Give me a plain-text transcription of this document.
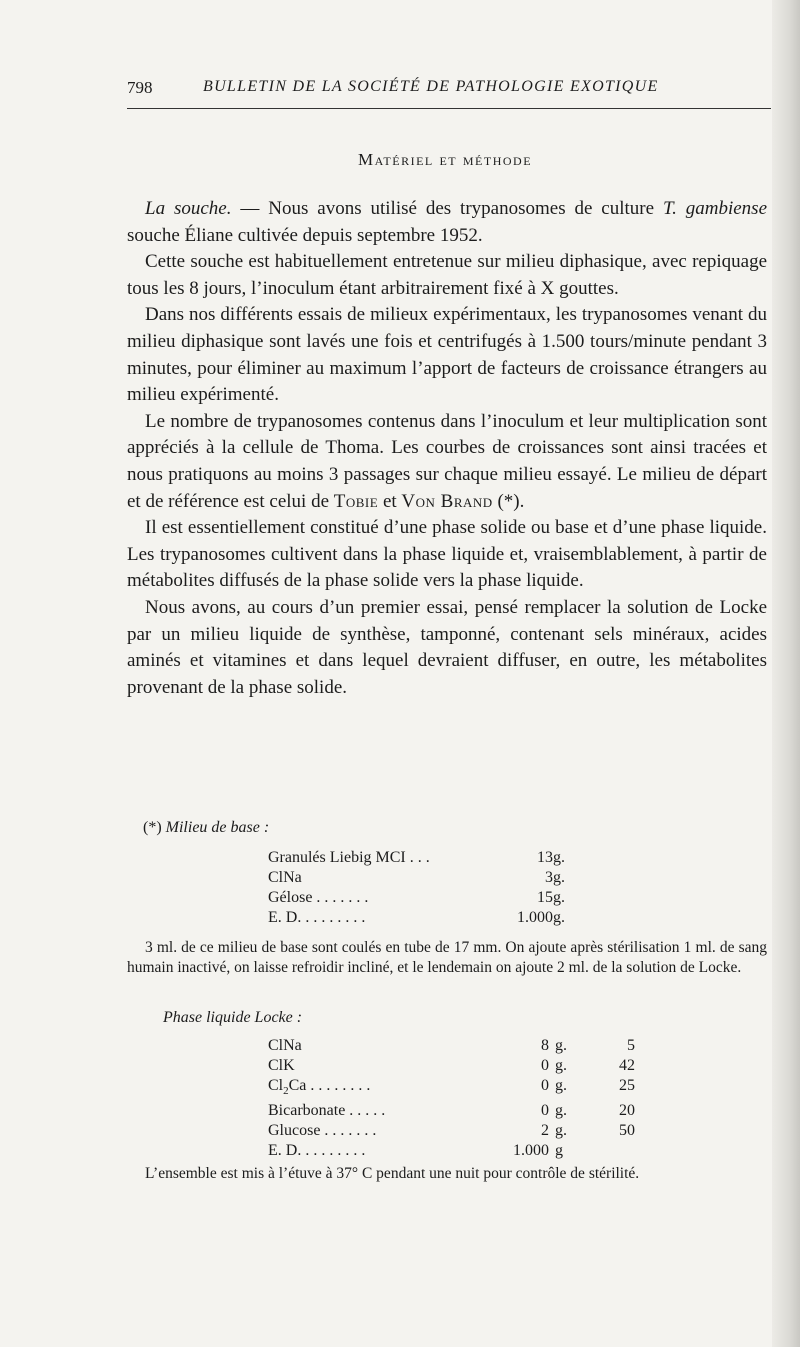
798	BULLETIN DE LA SOCIÉTÉ DE PATHOLOGIE EXOTIQUE
Matériel et méthode

La souche. — Nous avons utilisé des trypanosomes de culture T. gambiense souche Éliane cultivée depuis septembre 1952.

Cette souche est habituellement entretenue sur milieu diphasique, avec repiquage tous les 8 jours, l’inoculum étant arbitrairement fixé à X gouttes.

Dans nos différents essais de milieux expérimentaux, les trypanosomes venant du milieu diphasique sont lavés une fois et centrifugés à 1.500 tours/minute pendant 3 minutes, pour éliminer au maximum l’apport de facteurs de croissance étrangers au milieu expérimenté.

Le nombre de trypanosomes contenus dans l’inoculum et leur multiplication sont appréciés à la cellule de Thoma. Les courbes de croissances sont ainsi tracées et nous pratiquons au moins 3 passages sur chaque milieu essayé. Le milieu de départ et de référence est celui de Tobie et Von Brand (*).

Il est essentiellement constitué d’une phase solide ou base et d’une phase liquide. Les trypanosomes cultivent dans la phase liquide et, vraisemblablement, à partir de métabolites diffusés de la phase solide vers la phase liquide.

Nous avons, au cours d’un premier essai, pensé remplacer la solution de Locke par un milieu liquide de synthèse, tamponné, contenant sels minéraux, acides aminés et vitamines et dans lequel devraient diffuser, en outre, les métabolites provenant de la phase solide.

(*) Milieu de base :
Granulés Liebig MCI . . .	13	g.
ClNa	3	g.
Gélose . . . . . . .	15	g.
E. D. . . . . . . . .	1.000	g.
3 ml. de ce milieu de base sont coulés en tube de 17 mm. On ajoute après stérilisation 1 ml. de sang humain inactivé, on laisse refroidir incliné, et le lendemain on ajoute 2 ml. de la solution de Locke.
Phase liquide Locke :
ClNa	8	g.	5
ClK	0	g.	42
$Cl_2Ca$ . . . . . . . .	0	g.	25
Bicarbonate . . . . .	0	g.	20
Glucose . . . . . . .	2	g.	50
E. D. . . . . . . . .	1.000	g	
L’ensemble est mis à l’étuve à 37° C pendant une nuit pour contrôle de stérilité.
